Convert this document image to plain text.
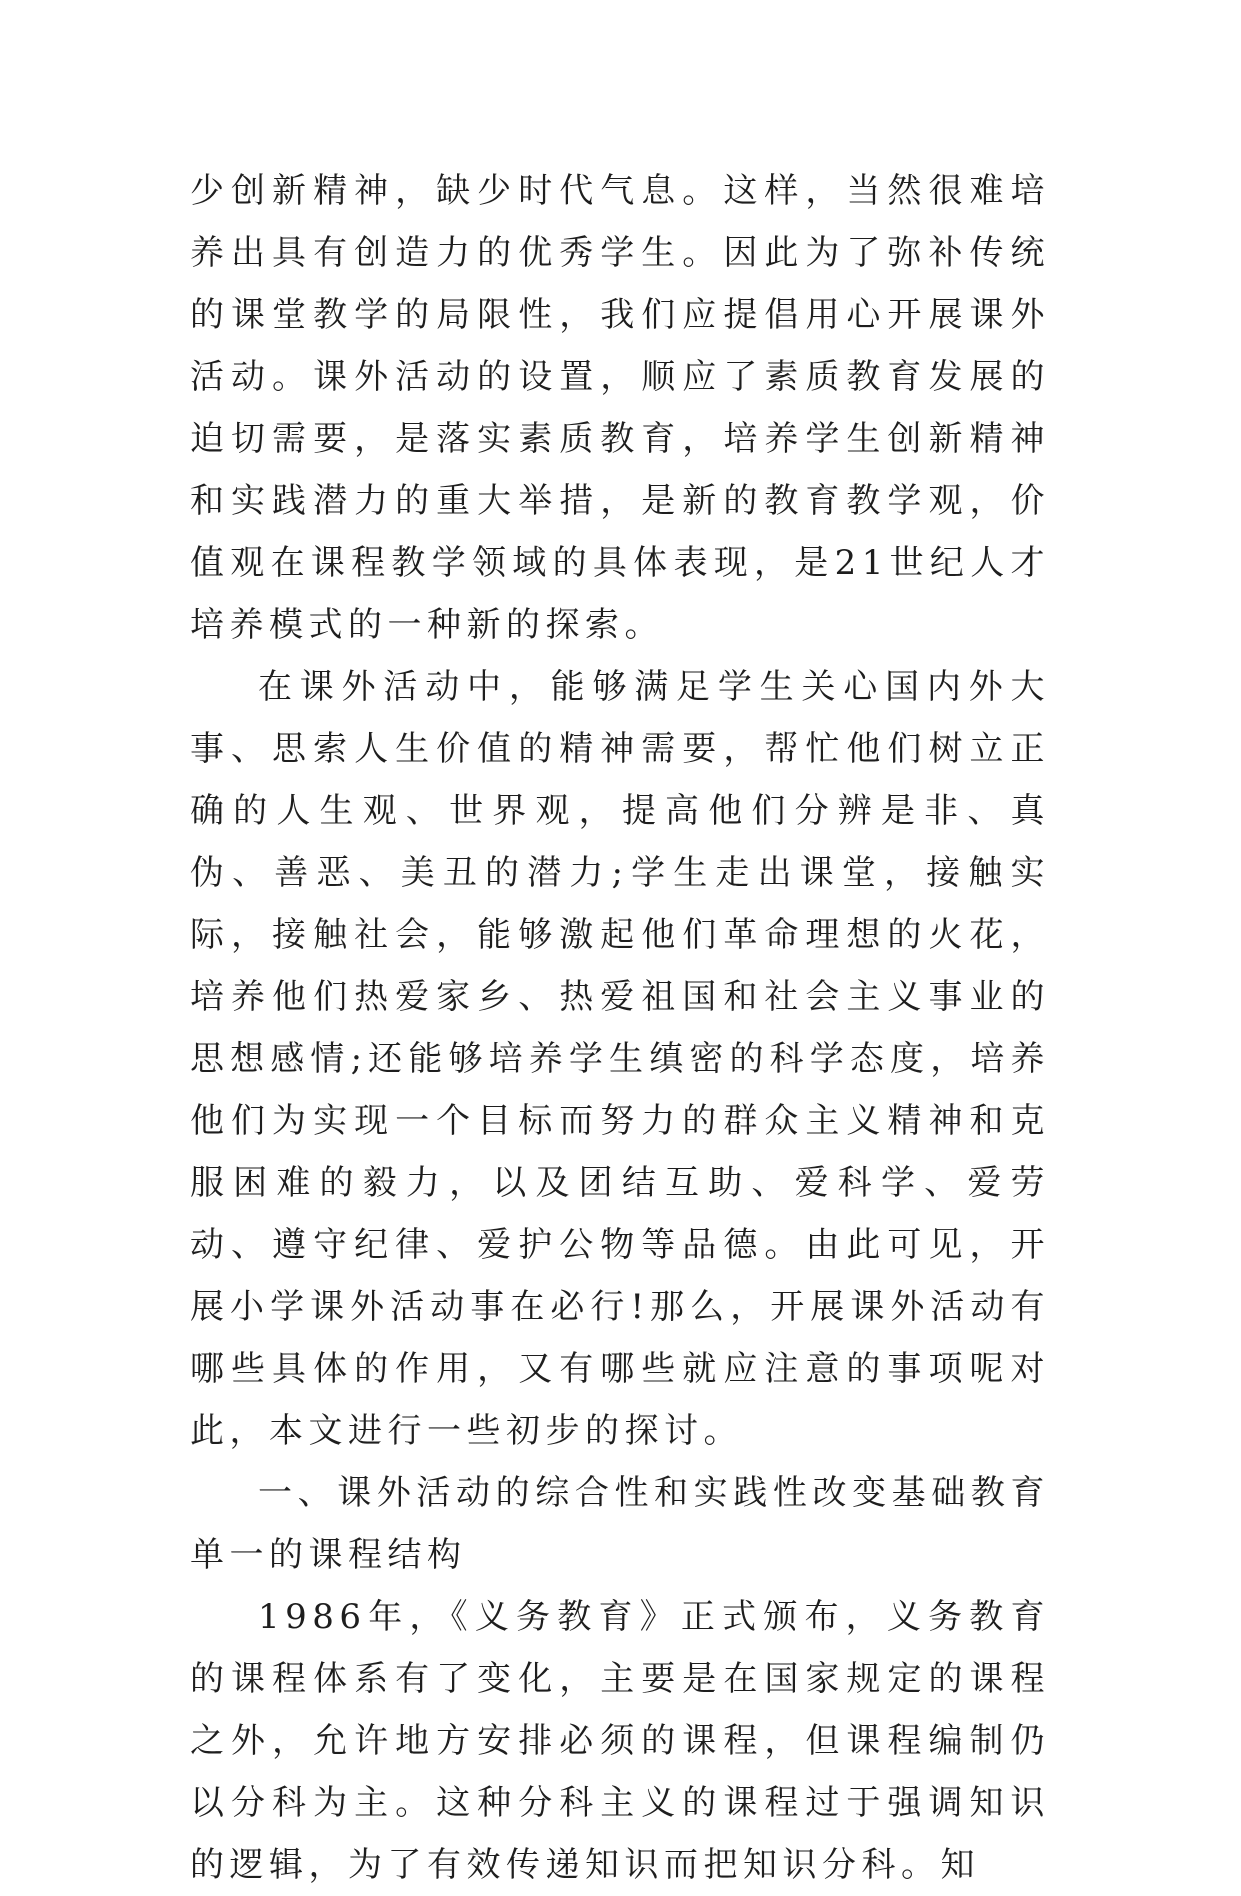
少创新精神，缺少时代气息。这样，当然很难培养出具有创造力的优秀学生。因此为了弥补传统的课堂教学的局限性，我们应提倡用心开展课外活动。课外活动的设置，顺应了素质教育发展的迫切需要，是落实素质教育，培养学生创新精神和实践潜力的重大举措，是新的教育教学观，价值观在课程教学领域的具体表现，是21世纪人才培养模式的一种新的探索。

在课外活动中，能够满足学生关心国内外大事、思索人生价值的精神需要，帮忙他们树立正确的人生观、世界观，提高他们分辨是非、真伪、善恶、美丑的潜力;学生走出课堂，接触实际，接触社会，能够激起他们革命理想的火花，培养他们热爱家乡、热爱祖国和社会主义事业的思想感情;还能够培养学生缜密的科学态度，培养他们为实现一个目标而努力的群众主义精神和克服困难的毅力，以及团结互助、爱科学、爱劳动、遵守纪律、爱护公物等品德。由此可见，开展小学课外活动事在必行!那么，开展课外活动有哪些具体的作用，又有哪些就应注意的事项呢对此，本文进行一些初步的探讨。

一、课外活动的综合性和实践性改变基础教育单一的课程结构

1986年，《义务教育》正式颁布，义务教育的课程体系有了变化，主要是在国家规定的课程之外，允许地方安排必须的课程，但课程编制仍以分科为主。这种分科主义的课程过于强调知识的逻辑，为了有效传递知识而把知识分科。知
